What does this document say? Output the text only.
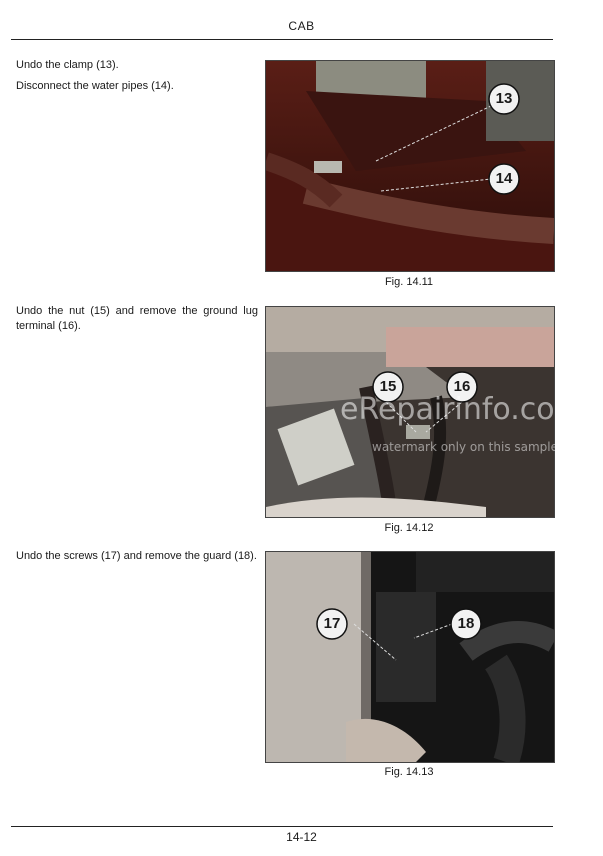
CAB

Undo the clamp (13).

Disconnect the water pipes (14).

13
14
Fig. 14.11

Undo the nut (15) and remove the ground lug terminal (16).

15	16
Fig. 14.12
eRepairinfo.com
watermark only on this sample

Undo the screws (17) and remove the guard (18).

17	18
Fig. 14.13
14-12
